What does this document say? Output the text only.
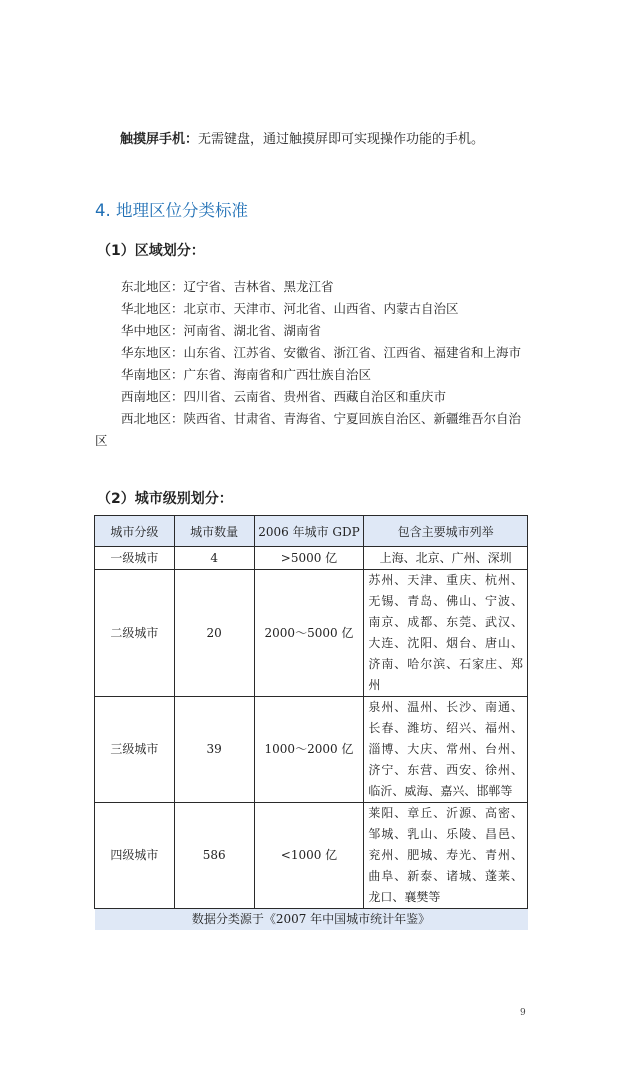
触摸屏手机：无需键盘，通过触摸屏即可实现操作功能的手机。

4. 地理区位分类标准
（1）区域划分：

东北地区：辽宁省、吉林省、黑龙江省

华北地区：北京市、天津市、河北省、山西省、内蒙古自治区

华中地区：河南省、湖北省、湖南省

华东地区：山东省、江苏省、安徽省、浙江省、江西省、福建省和上海市

华南地区：广东省、海南省和广西壮族自治区

西南地区：四川省、云南省、贵州省、西藏自治区和重庆市

西北地区：陕西省、甘肃省、青海省、宁夏回族自治区、新疆维吾尔自治区

（2）城市级别划分：
城市分级	城市数量	2006 年城市 GDP	包含主要城市列举
一级城市	4	>5000 亿	上海、北京、广州、深圳
二级城市	20	2000～5000 亿	苏州、天津、重庆、杭州、无锡、青岛、佛山、宁波、南京、成都、东莞、武汉、大连、沈阳、烟台、唐山、济南、哈尔滨、石家庄、郑州
三级城市	39	1000～2000 亿	泉州、温州、长沙、南通、长春、潍坊、绍兴、福州、淄博、大庆、常州、台州、济宁、东营、西安、徐州、临沂、威海、嘉兴、邯郸等
四级城市	586	<1000 亿	莱阳、章丘、沂源、高密、邹城、乳山、乐陵、昌邑、兖州、肥城、寿光、青州、曲阜、新泰、诸城、蓬莱、龙口、襄樊等
数据分类源于《2007 年中国城市统计年鉴》			
9
